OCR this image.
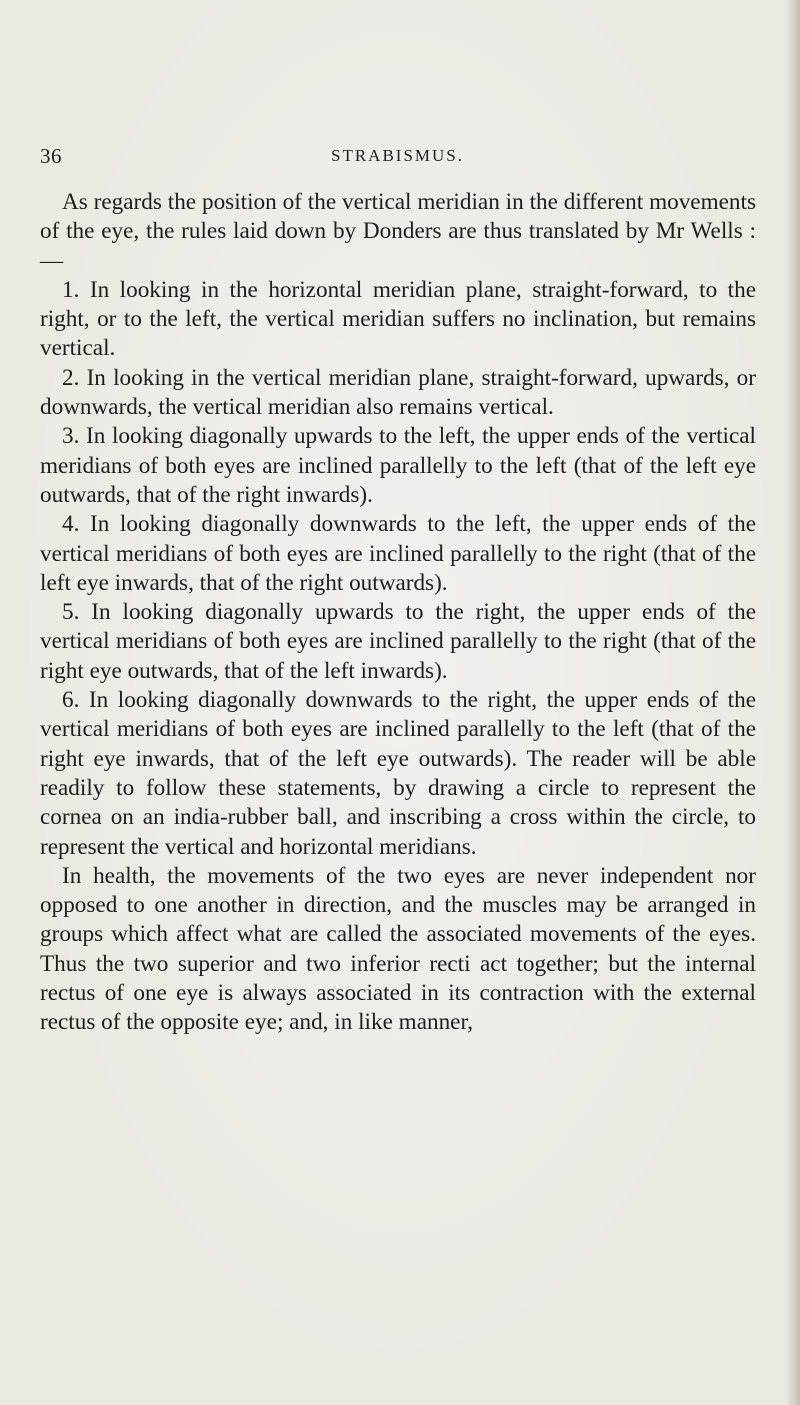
36	STRABISMUS.

As regards the position of the vertical meridian in the different movements of the eye, the rules laid down by Donders are thus translated by Mr Wells :—

1. In looking in the horizontal meridian plane, straight-forward, to the right, or to the left, the vertical meridian suffers no inclination, but remains vertical.

2. In looking in the vertical meridian plane, straight-forward, upwards, or downwards, the vertical meridian also remains vertical.

3. In looking diagonally upwards to the left, the upper ends of the vertical meridians of both eyes are inclined parallelly to the left (that of the left eye outwards, that of the right inwards).

4. In looking diagonally downwards to the left, the upper ends of the vertical meridians of both eyes are inclined parallelly to the right (that of the left eye inwards, that of the right outwards).

5. In looking diagonally upwards to the right, the upper ends of the vertical meridians of both eyes are inclined parallelly to the right (that of the right eye outwards, that of the left inwards).

6. In looking diagonally downwards to the right, the upper ends of the vertical meridians of both eyes are inclined parallelly to the left (that of the right eye inwards, that of the left eye outwards). The reader will be able readily to follow these statements, by drawing a circle to represent the cornea on an india-rubber ball, and inscribing a cross within the circle, to represent the vertical and horizontal meridians.

In health, the movements of the two eyes are never independent nor opposed to one another in direction, and the muscles may be arranged in groups which affect what are called the associated movements of the eyes. Thus the two superior and two inferior recti act together; but the internal rectus of one eye is always associated in its contraction with the external rectus of the opposite eye; and, in like manner,
